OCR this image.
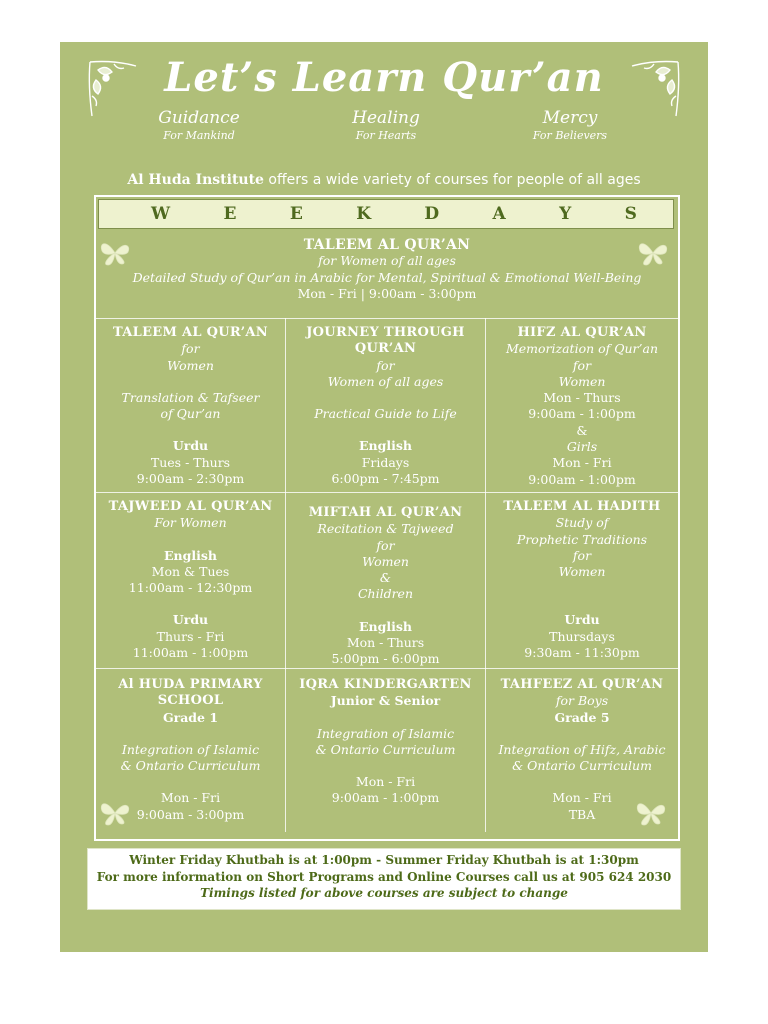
Let’s Learn Qur’an
Guidance
For Mankind
Healing
For Hearts
Mercy
For Believers
Al Huda Institute offers a wide variety of courses for people of all ages
W	E	E	K	D	A	Y	S
TALEEM AL QUR’AN
for Women of all ages
Detailed Study of Qur’an in Arabic for Mental, Spiritual & Emotional Well-Being
Mon - Fri | 9:00am - 3:00pm
TALEEM AL QUR’AN
for
Women
Translation & Tafseer
of Qur’an
Urdu
Tues - Thurs
9:00am - 2:30pm
JOURNEY THROUGH
QUR’AN
for
Women of all ages
Practical Guide to Life
English
Fridays
6:00pm - 7:45pm
HIFZ AL QUR’AN
Memorization of Qur’an
for
Women
Mon - Thurs
9:00am - 1:00pm
&
Girls
Mon - Fri
9:00am - 1:00pm
TAJWEED AL QUR’AN
For Women
English
Mon & Tues
11:00am - 12:30pm
Urdu
Thurs - Fri
11:00am - 1:00pm
MIFTAH AL QUR’AN
Recitation & Tajweed
for
Women
&
Children
English
Mon - Thurs
5:00pm - 6:00pm
TALEEM AL HADITH
Study of
Prophetic Traditions
for
Women
Urdu
Thursdays
9:30am - 11:30pm
Al HUDA PRIMARY
SCHOOL
Grade 1
Integration of Islamic
& Ontario Curriculum
Mon - Fri
9:00am - 3:00pm
IQRA KINDERGARTEN
Junior & Senior
Integration of Islamic
& Ontario Curriculum
Mon - Fri
9:00am - 1:00pm
TAHFEEZ AL QUR’AN
for Boys
Grade 5
Integration of Hifz, Arabic
& Ontario Curriculum
Mon - Fri
TBA
Winter Friday Khutbah is at 1:00pm - Summer Friday Khutbah is at 1:30pm
For more information on Short Programs and Online Courses call us at 905 624 2030
Timings listed for above courses are subject to change
